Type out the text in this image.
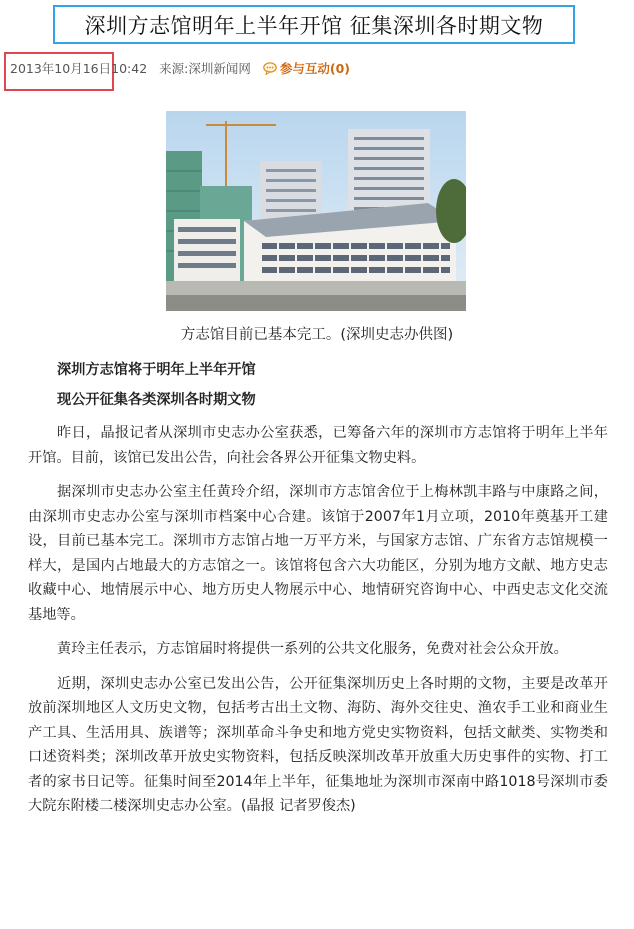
深圳方志馆明年上半年开馆 征集深圳各时期文物
2013年10月16日 10:42 来源: 深圳新闻网 参与互动(0)
方志馆目前已基本完工。(深圳史志办供图)

深圳方志馆将于明年上半年开馆

现公开征集各类深圳各时期文物

昨日，晶报记者从深圳市史志办公室获悉，已筹备六年的深圳市方志馆将于明年上半年开馆。目前，该馆已发出公告，向社会各界公开征集文物史料。

据深圳市史志办公室主任黄玲介绍，深圳市方志馆舍位于上梅林凯丰路与中康路之间，由深圳市史志办公室与深圳市档案中心合建。该馆于2007年1月立项，2010年奠基开工建设，目前已基本完工。深圳市方志馆占地一万平方米，与国家方志馆、广东省方志馆规模一样大，是国内占地最大的方志馆之一。该馆将包含六大功能区，分别为地方文献、地方史志收藏中心、地情展示中心、地方历史人物展示中心、地情研究咨询中心、中西史志文化交流基地等。

黄玲主任表示，方志馆届时将提供一系列的公共文化服务，免费对社会公众开放。

近期，深圳史志办公室已发出公告，公开征集深圳历史上各时期的文物，主要是改革开放前深圳地区人文历史文物，包括考古出土文物、海防、海外交往史、渔农手工业和商业生产工具、生活用具、族谱等；深圳革命斗争史和地方党史实物资料，包括文献类、实物类和口述资料类；深圳改革开放史实物资料，包括反映深圳改革开放重大历史事件的实物、打工者的家书日记等。征集时间至2014年上半年，征集地址为深圳市深南中路1018号深圳市委大院东附楼二楼深圳史志办公室。(晶报 记者罗俊杰)
